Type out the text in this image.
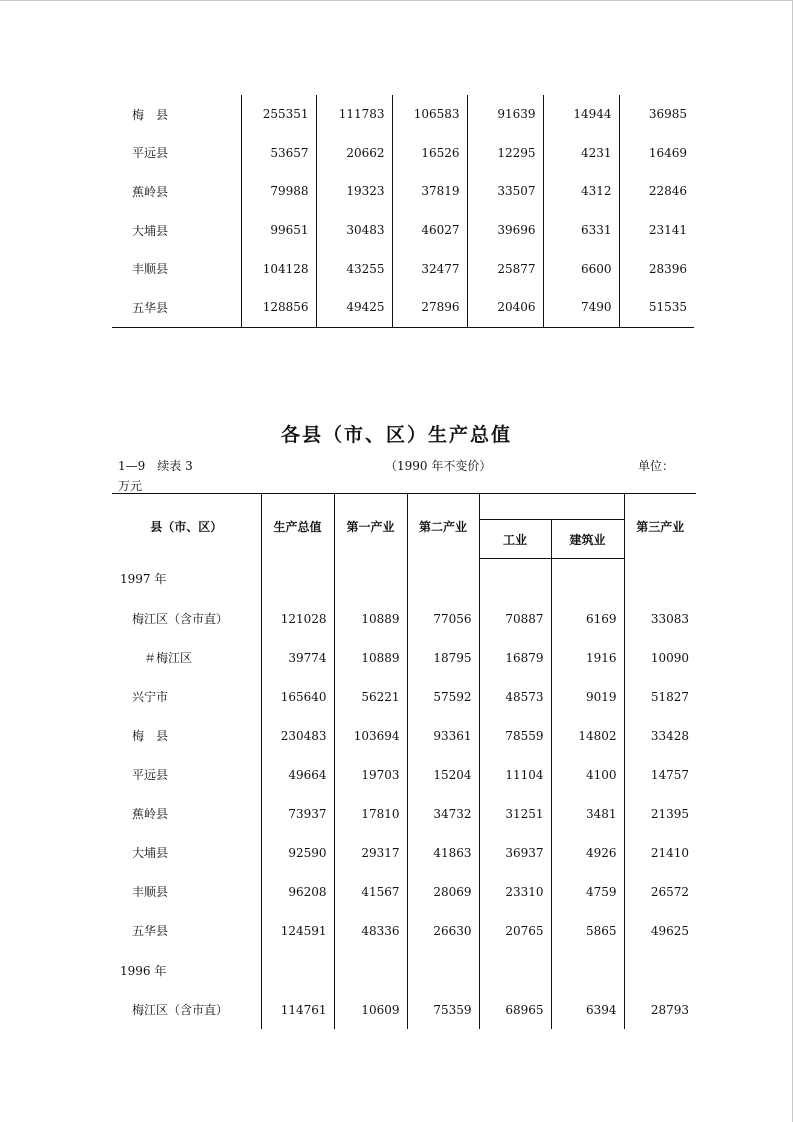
梅　县	255351	111783	106583	91639	14944	36985
平远县	53657	20662	16526	12295	4231	16469
蕉岭县	79988	19323	37819	33507	4312	22846
大埔县	99651	30483	46027	39696	6331	23141
丰顺县	104128	43255	32477	25877	6600	28396
五华县	128856	49425	27896	20406	7490	51535
各县（市、区）生产总值
1—9　续表 3	（1990 年不变价）	单位：
万元
县（市、区）	生产总值	第一产业	第二产业			第三产业
				工业	建筑业	
1997 年						
梅江区（含市直）	121028	10889	77056	70887	6169	33083
＃梅江区	39774	10889	18795	16879	1916	10090
兴宁市	165640	56221	57592	48573	9019	51827
梅　县	230483	103694	93361	78559	14802	33428
平远县	49664	19703	15204	11104	4100	14757
蕉岭县	73937	17810	34732	31251	3481	21395
大埔县	92590	29317	41863	36937	4926	21410
丰顺县	96208	41567	28069	23310	4759	26572
五华县	124591	48336	26630	20765	5865	49625
1996 年						
梅江区（含市直）	114761	10609	75359	68965	6394	28793
